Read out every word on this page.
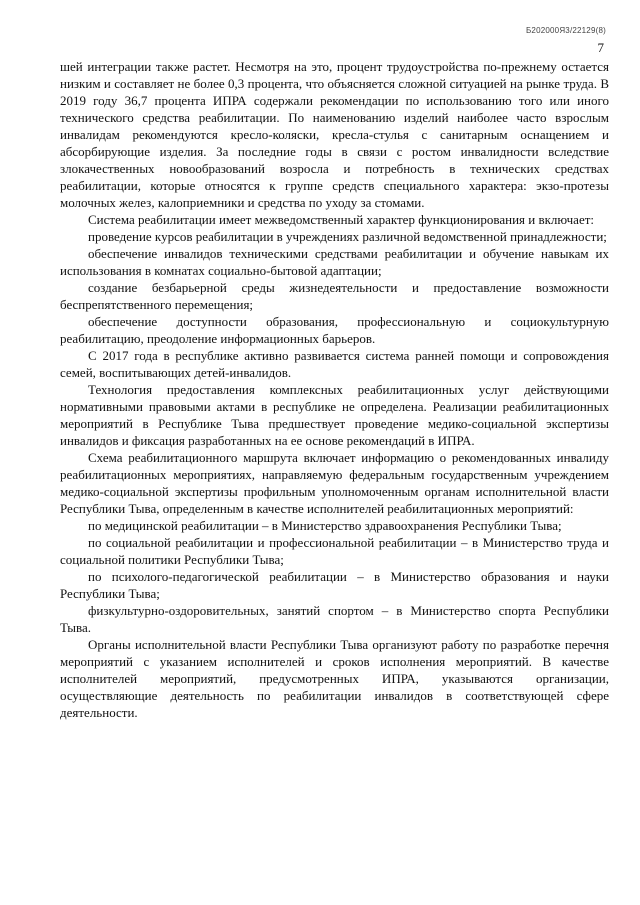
Б202000Я3/22129(8)
7

шей интеграции также растет. Несмотря на это, процент трудоустройства по-прежнему остается низким и составляет не более 0,3 процента, что объясняется сложной ситуацией на рынке труда. В 2019 году 36,7 процента ИПРА содержали рекомендации по использованию того или иного технического средства реабилитации. По наименованию изделий наиболее часто взрослым инвалидам рекомендуются кресло-коляски, кресла-стулья с санитарным оснащением и абсорбирующие изделия. За последние годы в связи с ростом инвалидности вследствие злокачественных новообразований возросла и потребность в технических средствах реабилитации, которые относятся к группе средств специального характера: экзо-протезы молочных желез, калоприемники и средства по уходу за стомами.

Система реабилитации имеет межведомственный характер функционирования и включает:

проведение курсов реабилитации в учреждениях различной ведомственной принадлежности;

обеспечение инвалидов техническими средствами реабилитации и обучение навыкам их использования в комнатах социально-бытовой адаптации;

создание безбарьерной среды жизнедеятельности и предоставление возможности беспрепятственного перемещения;

обеспечение доступности образования, профессиональную и социокультурную реабилитацию, преодоление информационных барьеров.

С 2017 года в республике активно развивается система ранней помощи и сопровождения семей, воспитывающих детей-инвалидов.

Технология предоставления комплексных реабилитационных услуг действующими нормативными правовыми актами в республике не определена. Реализации реабилитационных мероприятий в Республике Тыва предшествует проведение медико-социальной экспертизы инвалидов и фиксация разработанных на ее основе рекомендаций в ИПРА.

Схема реабилитационного маршрута включает информацию о рекомендованных инвалиду реабилитационных мероприятиях, направляемую федеральным государственным учреждением медико-социальной экспертизы профильным уполномоченным органам исполнительной власти Республики Тыва, определенным в качестве исполнителей реабилитационных мероприятий:

по медицинской реабилитации – в Министерство здравоохранения Республики Тыва;

по социальной реабилитации и профессиональной реабилитации – в Министерство труда и социальной политики Республики Тыва;

по психолого-педагогической реабилитации – в Министерство образования и науки Республики Тыва;

физкультурно-оздоровительных, занятий спортом – в Министерство спорта Республики Тыва.

Органы исполнительной власти Республики Тыва организуют работу по разработке перечня мероприятий с указанием исполнителей и сроков исполнения мероприятий. В качестве исполнителей мероприятий, предусмотренных ИПРА, указываются организации, осуществляющие деятельность по реабилитации инвалидов в соответствующей сфере деятельности.
